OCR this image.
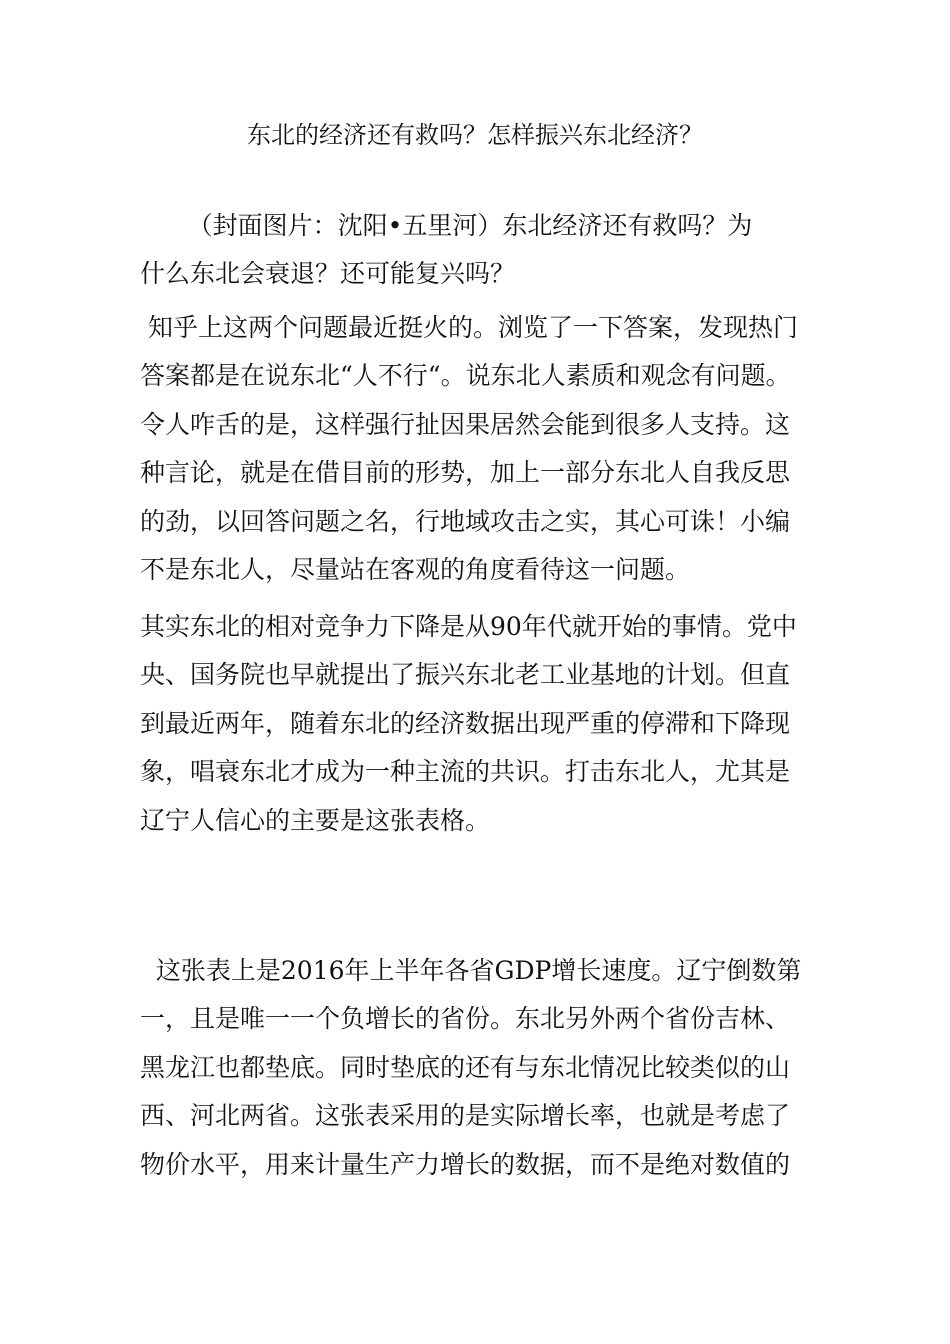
东北的经济还有救吗？怎样振兴东北经济？
（封面图片：沈阳•五里河）东北经济还有救吗？为
什么东北会衰退？还可能复兴吗？
知乎上这两个问题最近挺火的。浏览了一下答案，发现热门
答案都是在说东北“人不行“。说东北人素质和观念有问题。
令人咋舌的是，这样强行扯因果居然会能到很多人支持。这
种言论，就是在借目前的形势，加上一部分东北人自我反思
的劲，以回答问题之名，行地域攻击之实，其心可诛！小编
不是东北人，尽量站在客观的角度看待这一问题。
其实东北的相对竞争力下降是从90年代就开始的事情。党中
央、国务院也早就提出了振兴东北老工业基地的计划。但直
到最近两年，随着东北的经济数据出现严重的停滞和下降现
象，唱衰东北才成为一种主流的共识。打击东北人，尤其是
辽宁人信心的主要是这张表格。
这张表上是2016年上半年各省GDP增长速度。辽宁倒数第
一，且是唯一一个负增长的省份。东北另外两个省份吉林、
黑龙江也都垫底。同时垫底的还有与东北情况比较类似的山
西、河北两省。这张表采用的是实际增长率，也就是考虑了
物价水平，用来计量生产力增长的数据，而不是绝对数值的
